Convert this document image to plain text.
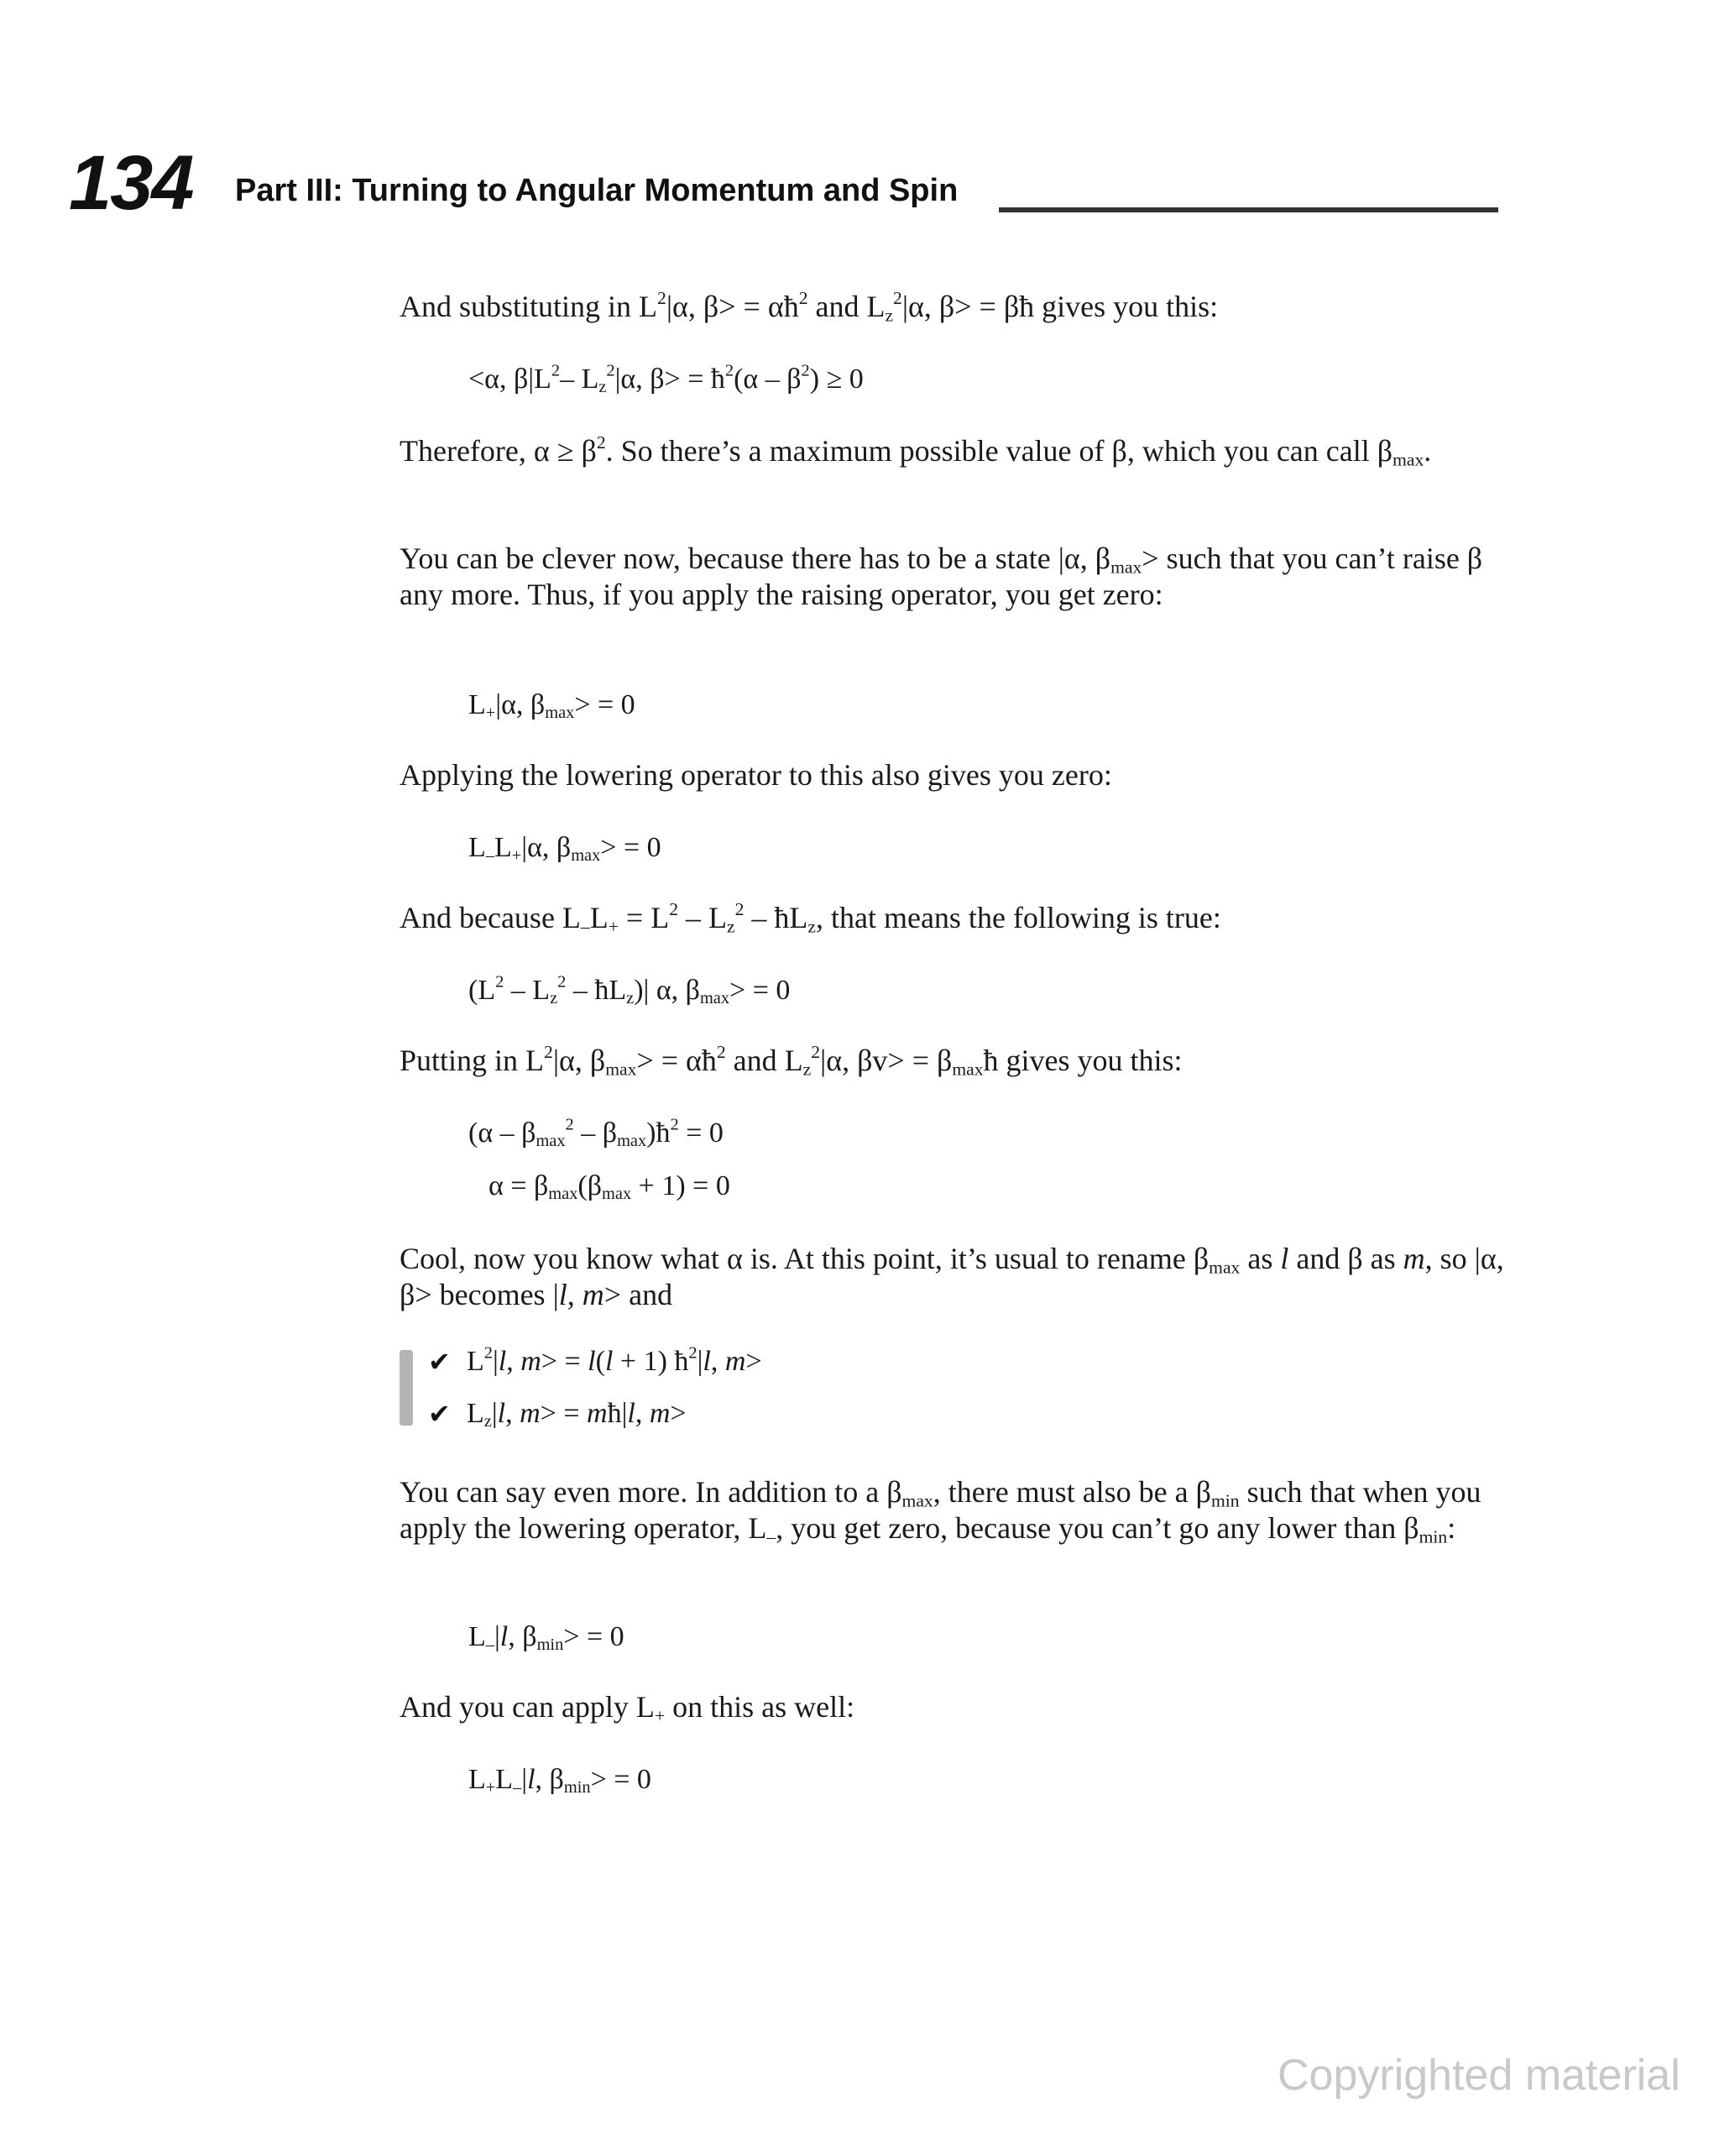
134 Part III: Turning to Angular Momentum and Spin
And substituting in $L^2|\alpha$, $\beta> = \alpha ħ^2$ and $L_z^2|\alpha$, β> = βħ gives you this:
<α, $\beta|L^2-$ $L_z^2|\alpha$, $\beta> = ħ^2(\alpha - \beta^2) \ge 0$
Therefore, $\alpha \ge \beta^2$. So there’s a maximum possible value of β, which you can call $\beta_{max}$.
You can be clever now, because there has to be a state |α, $\beta_{max}>$ such that you can’t raise β any more. Thus, if you apply the raising operator, you get zero:
$L_+|\alpha$, $\beta_{max}> = 0$
Applying the lowering operator to this also gives you zero:
$L_-L_+|\alpha$, $\beta_{max}> = 0$
And because $L_-L_+ = L^2 - L_z^2$ – $ħL_z$, that means the following is true:
($L^2 - L_z^2$ – $ħL_z)|$ α, $\beta_{max}> = 0$
Putting in $L^2|\alpha$, $\beta_{max}>$ = $\alpha ħ^2$ and $L_z^2|\alpha$, $\beta v> = \beta_{max}ħ$ gives you this:
($\alpha - \beta_{max}^2$ – $\beta_{max})ħ^2 = 0$
$\alpha = \beta_{max}(\beta_{max} + 1) = 0$
Cool, now you know what α is. At this point, it’s usual to rename $\beta_{max}$ as l and β as m, so |α, β> becomes |l, m> and
✔ $L^2|l$, m> = l(l + 1) $ħ^2|l$, m>
✔ $L_z|l$, m> = mħ|l, m>
You can say even more. In addition to a $\beta_{max}$, there must also be a $\beta_{min}$ such that when you apply the lowering operator, $L_-$, you get zero, because you can’t go any lower than $\beta_{min}$:
$L_-|l$, $\beta_{min}> = 0$
And you can apply $L_+$ on this as well:
$L_+L_-|l$, $\beta_{min}> = 0$
Copyrighted material
